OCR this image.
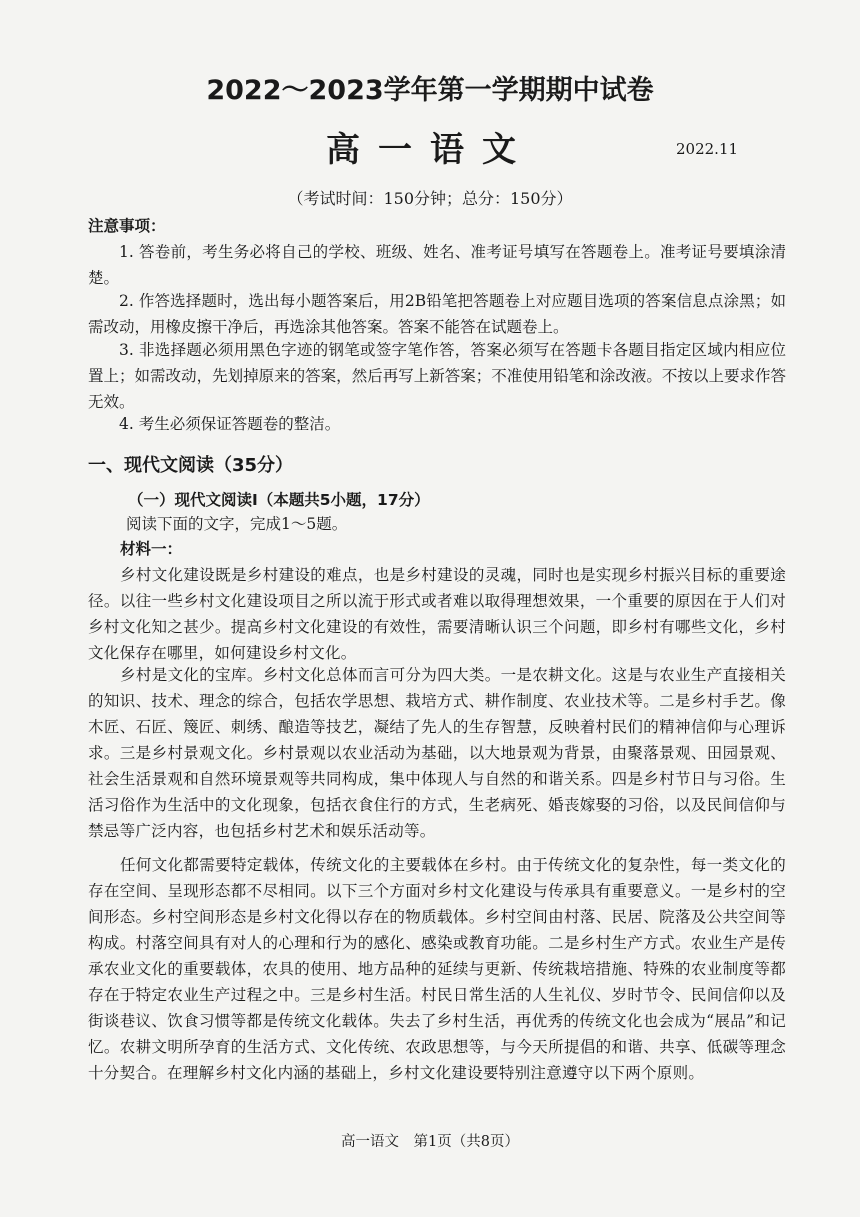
2022～2023学年第一学期期中试卷
高一语文	2022.11
（考试时间：150分钟；总分：150分）
注意事项：
1. 答卷前，考生务必将自己的学校、班级、姓名、准考证号填写在答题卷上。准考证号要填涂清楚。
2. 作答选择题时，选出每小题答案后，用2B铅笔把答题卷上对应题目选项的答案信息点涂黑；如需改动，用橡皮擦干净后，再选涂其他答案。答案不能答在试题卷上。
3. 非选择题必须用黑色字迹的钢笔或签字笔作答，答案必须写在答题卡各题目指定区域内相应位置上；如需改动，先划掉原来的答案，然后再写上新答案；不准使用铅笔和涂改液。不按以上要求作答无效。
4. 考生必须保证答题卷的整洁。
一、现代文阅读（35分）
（一）现代文阅读Ⅰ（本题共5小题，17分）
阅读下面的文字，完成1～5题。
材料一：
乡村文化建设既是乡村建设的难点，也是乡村建设的灵魂，同时也是实现乡村振兴目标的重要途径。以往一些乡村文化建设项目之所以流于形式或者难以取得理想效果，一个重要的原因在于人们对乡村文化知之甚少。提高乡村文化建设的有效性，需要清晰认识三个问题，即乡村有哪些文化，乡村文化保存在哪里，如何建设乡村文化。
乡村是文化的宝库。乡村文化总体而言可分为四大类。一是农耕文化。这是与农业生产直接相关的知识、技术、理念的综合，包括农学思想、栽培方式、耕作制度、农业技术等。二是乡村手艺。像木匠、石匠、篾匠、刺绣、酿造等技艺，凝结了先人的生存智慧，反映着村民们的精神信仰与心理诉求。三是乡村景观文化。乡村景观以农业活动为基础，以大地景观为背景，由聚落景观、田园景观、社会生活景观和自然环境景观等共同构成，集中体现人与自然的和谐关系。四是乡村节日与习俗。生活习俗作为生活中的文化现象，包括衣食住行的方式，生老病死、婚丧嫁娶的习俗，以及民间信仰与禁忌等广泛内容，也包括乡村艺术和娱乐活动等。
任何文化都需要特定载体，传统文化的主要载体在乡村。由于传统文化的复杂性，每一类文化的存在空间、呈现形态都不尽相同。以下三个方面对乡村文化建设与传承具有重要意义。一是乡村的空间形态。乡村空间形态是乡村文化得以存在的物质载体。乡村空间由村落、民居、院落及公共空间等构成。村落空间具有对人的心理和行为的感化、感染或教育功能。二是乡村生产方式。农业生产是传承农业文化的重要载体，农具的使用、地方品种的延续与更新、传统栽培措施、特殊的农业制度等都存在于特定农业生产过程之中。三是乡村生活。村民日常生活的人生礼仪、岁时节令、民间信仰以及街谈巷议、饮食习惯等都是传统文化载体。失去了乡村生活，再优秀的传统文化也会成为“展品”和记忆。农耕文明所孕育的生活方式、文化传统、农政思想等，与今天所提倡的和谐、共享、低碳等理念十分契合。在理解乡村文化内涵的基础上，乡村文化建设要特别注意遵守以下两个原则。
高一语文　第1页（共8页）
